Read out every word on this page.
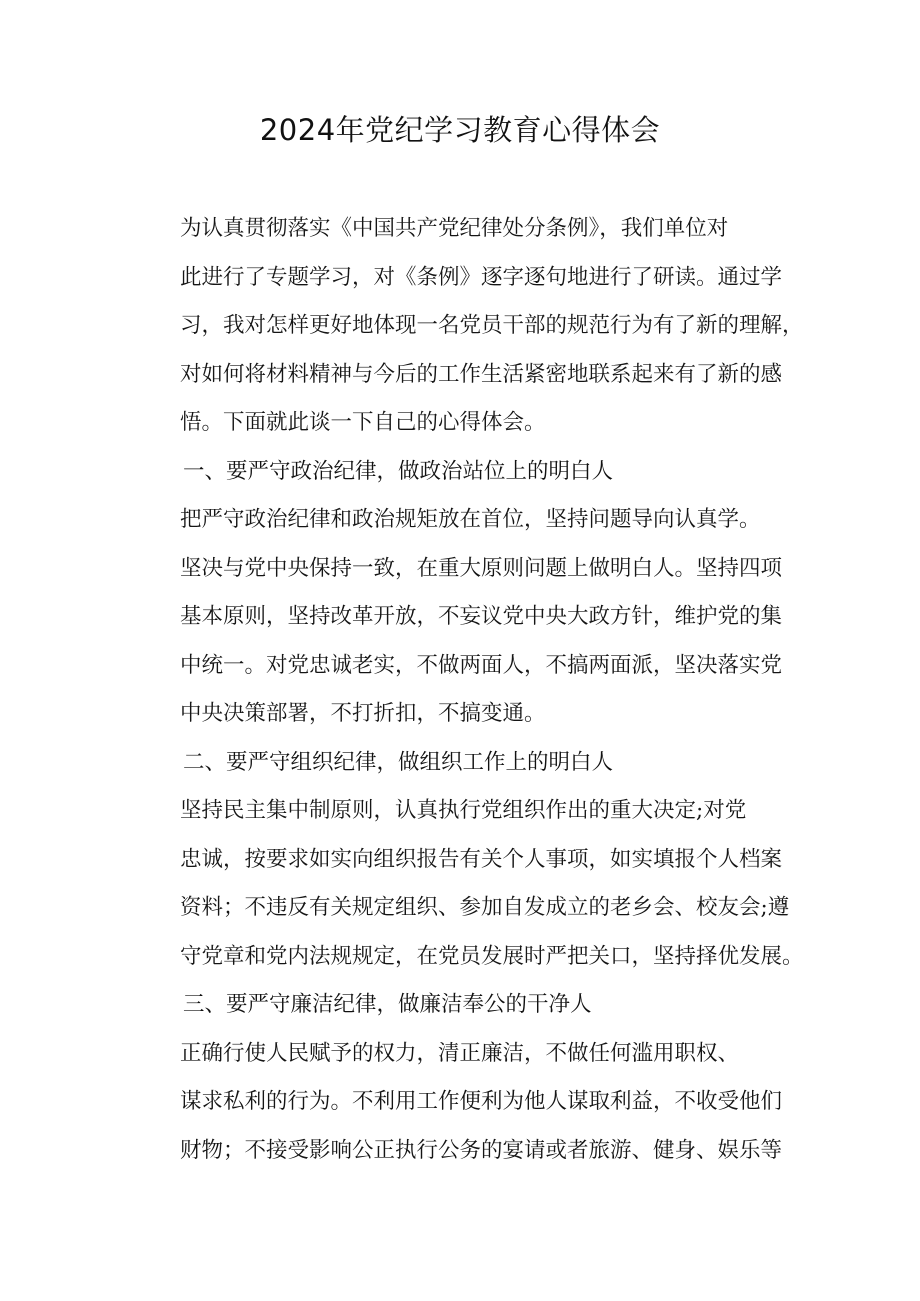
2024年党纪学习教育心得体会

为认真贯彻落实《中国共产党纪律处分条例》，我们单位对
此进行了专题学习，对《条例》逐字逐句地进行了研读。通过学
习，我对怎样更好地体现一名党员干部的规范行为有了新的理解，
对如何将材料精神与今后的工作生活紧密地联系起来有了新的感
悟。下面就此谈一下自己的心得体会。

一、要严守政治纪律，做政治站位上的明白人

把严守政治纪律和政治规矩放在首位，坚持问题导向认真学。
坚决与党中央保持一致，在重大原则问题上做明白人。坚持四项
基本原则，坚持改革开放，不妄议党中央大政方针，维护党的集
中统一。对党忠诚老实，不做两面人，不搞两面派，坚决落实党
中央决策部署，不打折扣，不搞变通。

二、要严守组织纪律，做组织工作上的明白人

坚持民主集中制原则，认真执行党组织作出的重大决定;对党
忠诚，按要求如实向组织报告有关个人事项，如实填报个人档案
资料；不违反有关规定组织、参加自发成立的老乡会、校友会;遵
守党章和党内法规规定，在党员发展时严把关口，坚持择优发展。

三、要严守廉洁纪律，做廉洁奉公的干净人

正确行使人民赋予的权力，清正廉洁，不做任何滥用职权、
谋求私利的行为。不利用工作便利为他人谋取利益，不收受他们
财物；不接受影响公正执行公务的宴请或者旅游、健身、娱乐等
